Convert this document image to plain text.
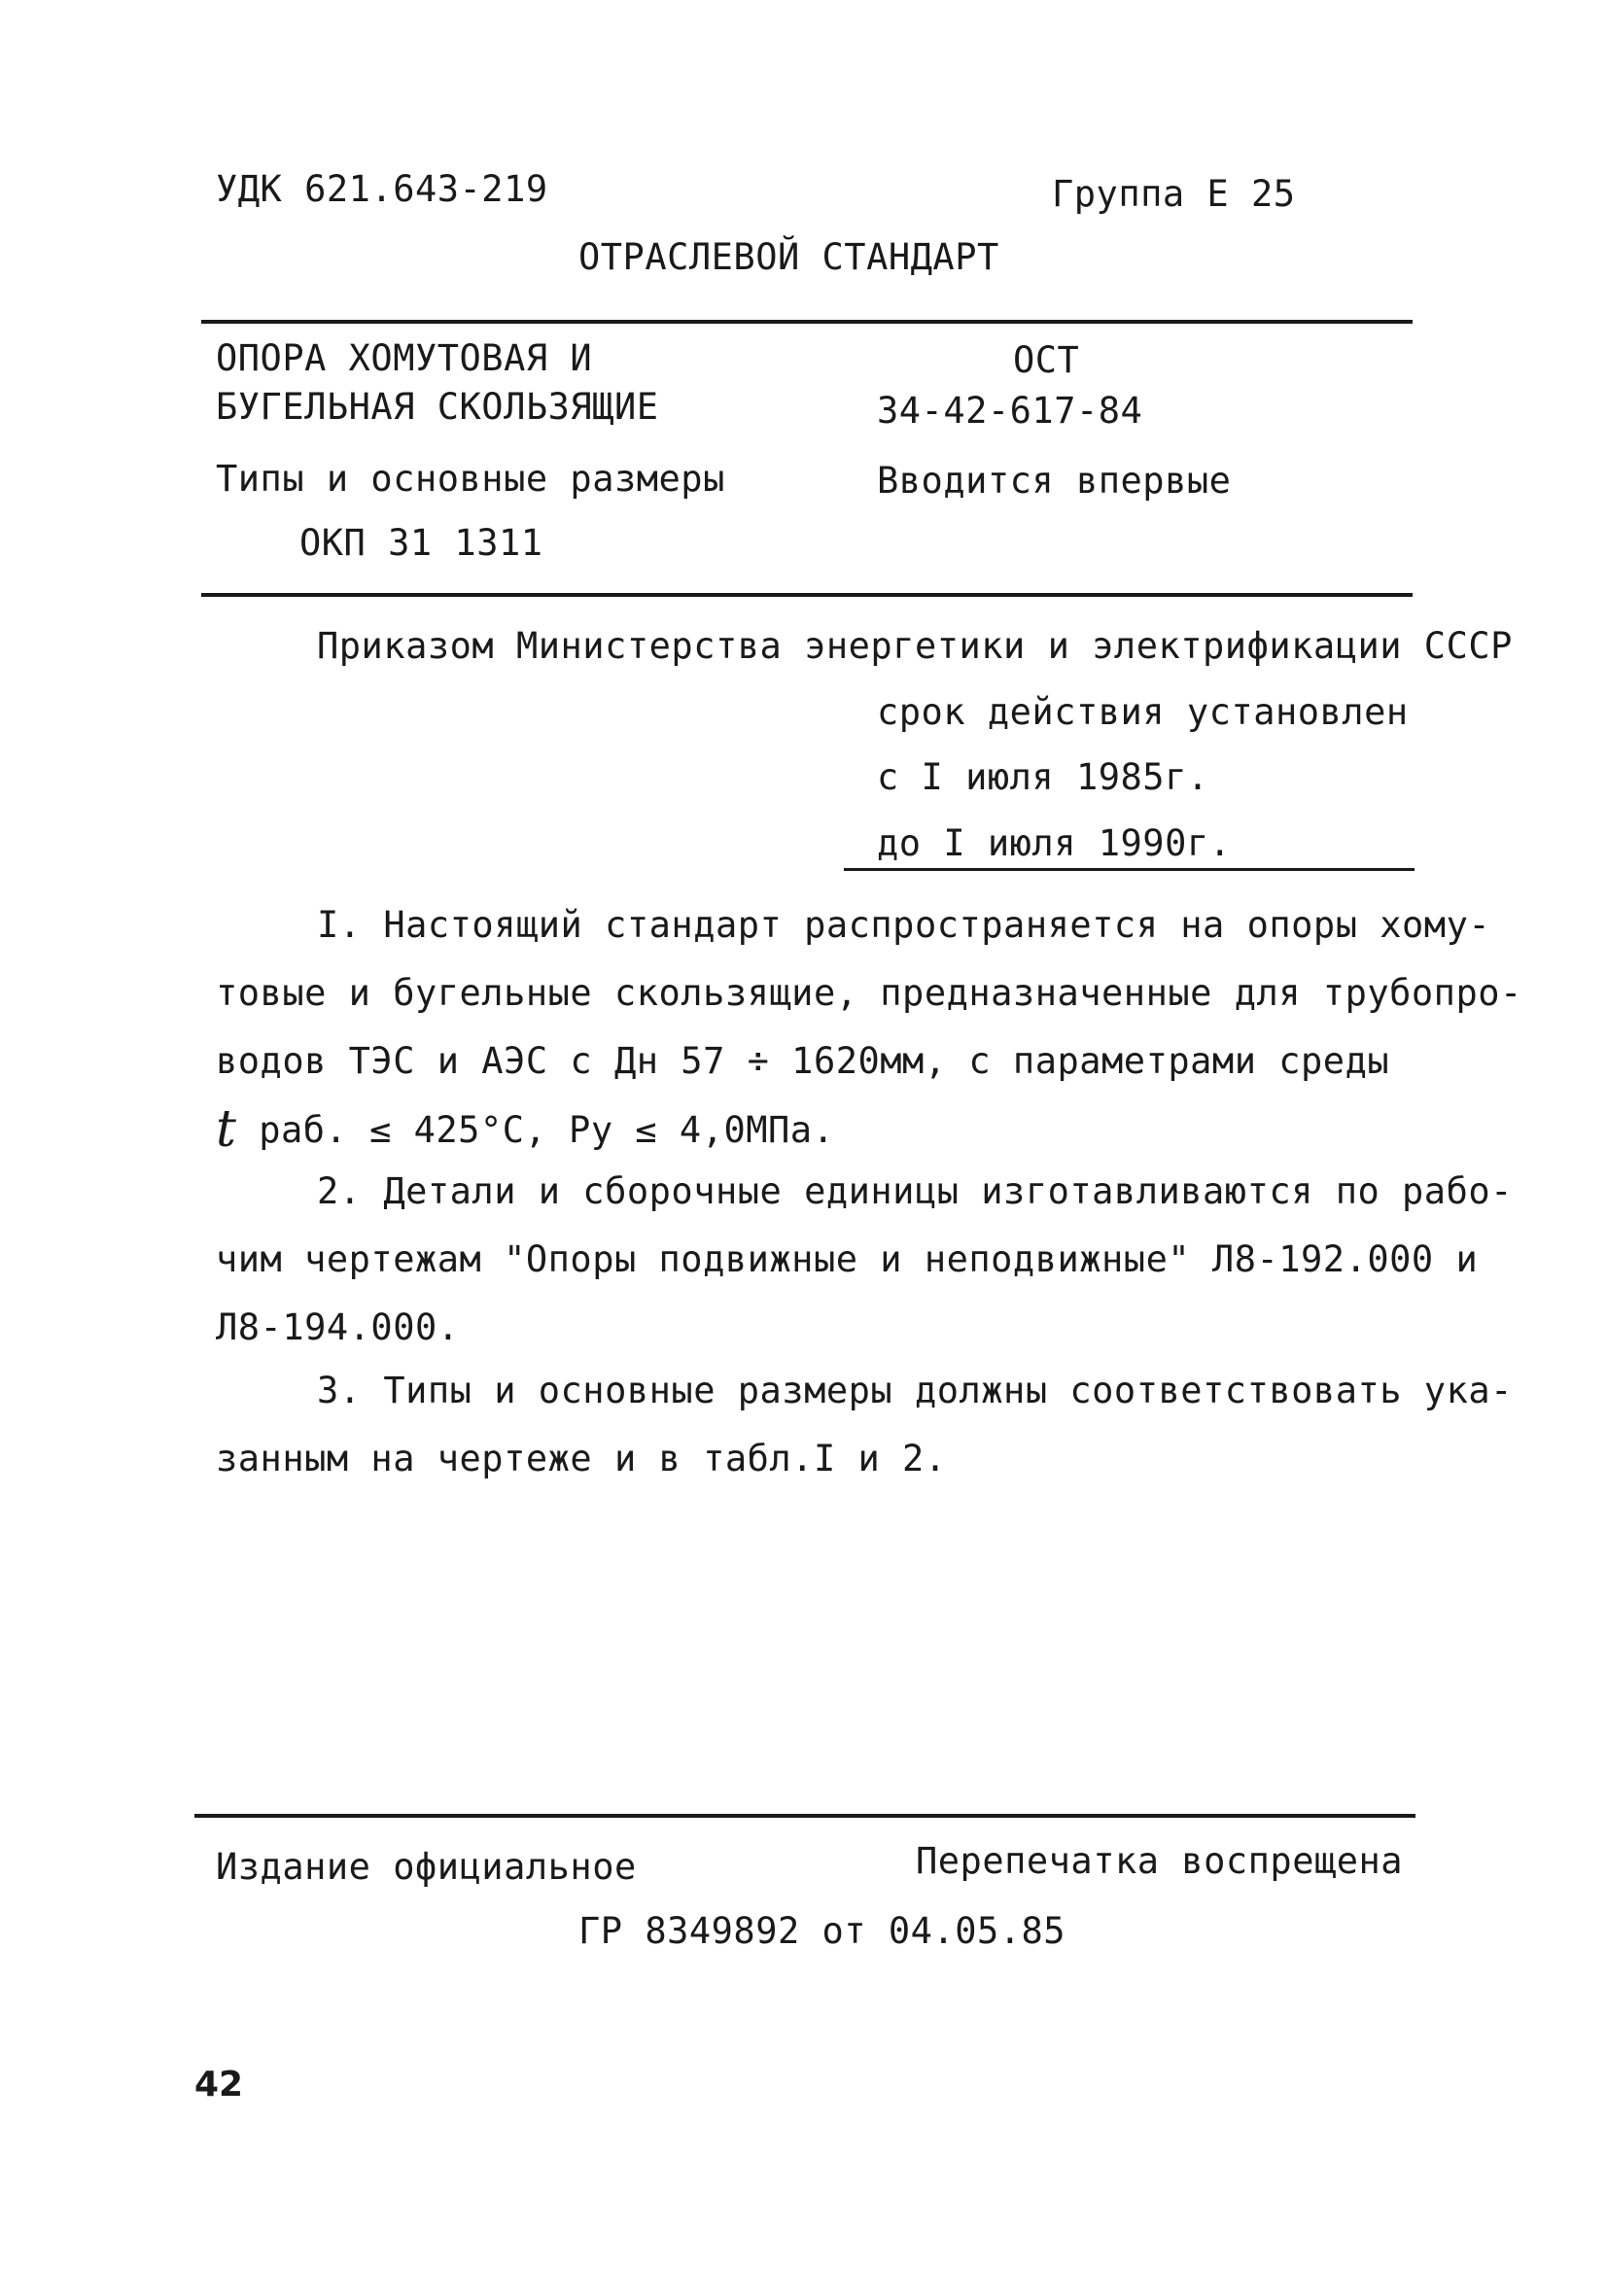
УДК 621.643-219	Группа Е 25
ОТРАСЛЕВОЙ СТАНДАРТ
ОПОРА ХОМУТОВАЯ И
БУГЕЛЬНАЯ СКОЛЬЗЯЩИЕ
Типы и основные размеры
ОКП 31 1311
ОСТ
34-42-617-84
Вводится впервые
Приказом Министерства энергетики и электрификации СССР
срок действия установлен
с I июля 1985г.
до I июля 1990г.
I. Настоящий стандарт распространяется на опоры хому-
товые и бугельные скользящие, предназначенные для трубопро-
водов ТЭС и АЭС с Дн 57 ÷ 1620мм, с параметрами среды
t раб. ≤ 425°C, Py ≤ 4,0МПа.
2. Детали и сборочные единицы изготавливаются по рабо-
чим чертежам "Опоры подвижные и неподвижные" Л8-192.000 и
Л8-194.000.
3. Типы и основные размеры должны соответствовать ука-
занным на чертеже и в табл.I и 2.
Издание официальное	Перепечатка воспрещена
ГР 8349892 от 04.05.85
42
